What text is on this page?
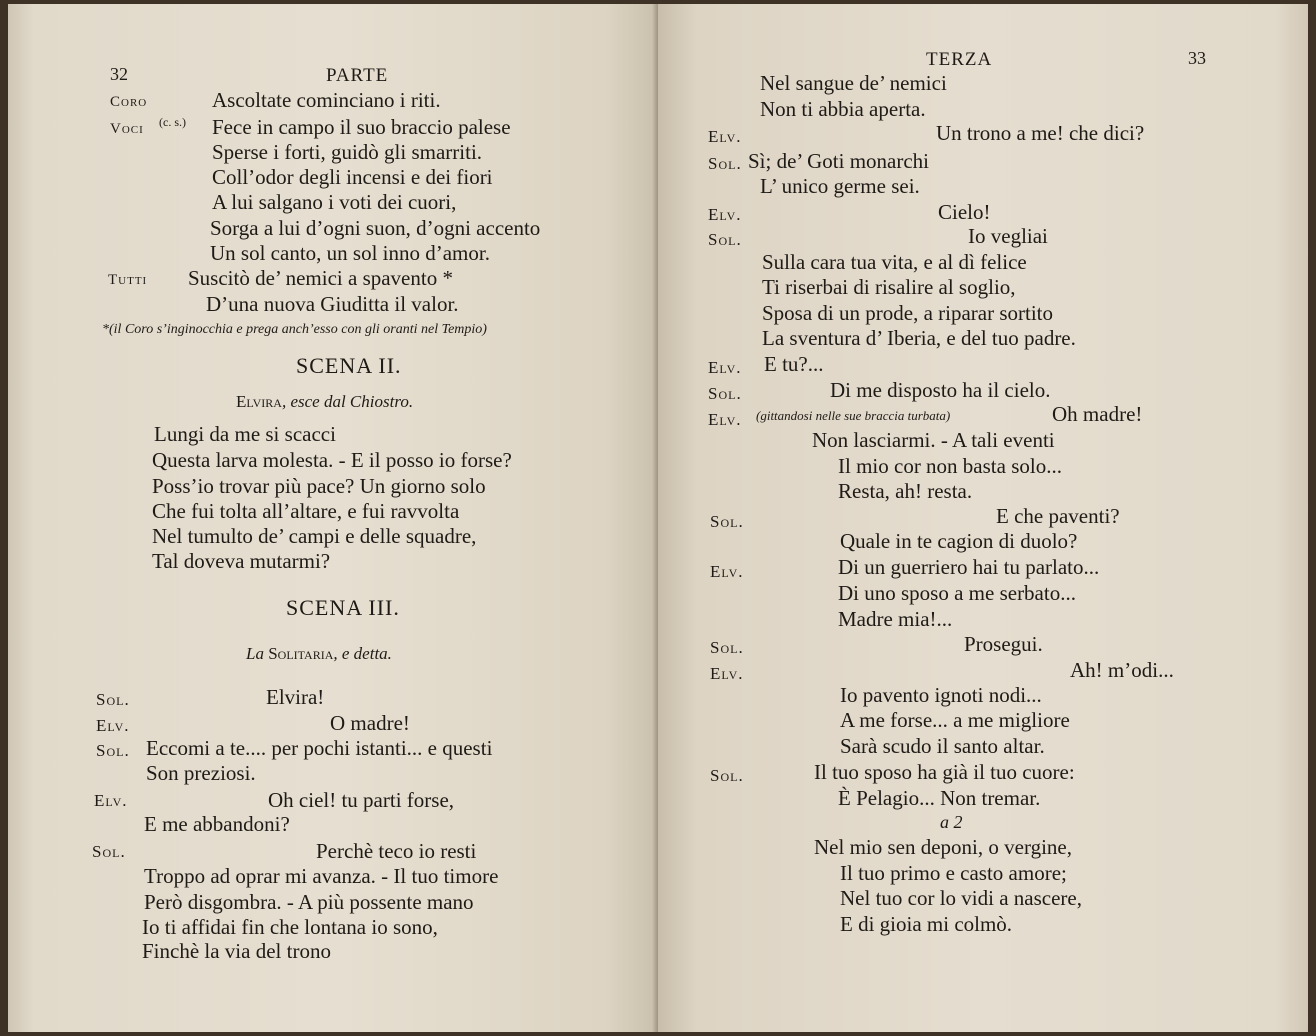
32	PARTE
Coro	Ascoltate cominciano i riti.
Voci (c. s.) Fece in campo il suo braccio palese
Sperse i forti, guidò gli smarriti.
Coll’odor degli incensi e dei fiori
A lui salgano i voti dei cuori,
Sorga a lui d’ogni suon, d’ogni accento
Un sol canto, un sol inno d’amor.
Tutti Suscitò de’ nemici a spavento *
D’una nuova Giuditta il valor.
*(il Coro s’inginocchia e prega anch’esso con gli oranti nel Tempio)
SCENA II.
Elvira, esce dal Chiostro.
Lungi da me si scacci
Questa larva molesta. - E il posso io forse?
Poss’io trovar più pace? Un giorno solo
Che fui tolta all’altare, e fui ravvolta
Nel tumulto de’ campi e delle squadre,
Tal doveva mutarmi?
SCENA III.
La Solitaria, e detta.
Sol.	Elvira!
Elv.	O madre!
Sol. Eccomi a te.... per pochi istanti... e questi
Son preziosi.
Elv.	Oh ciel! tu parti forse,
E me abbandoni?
Sol.	Perchè teco io resti
Troppo ad oprar mi avanza. - Il tuo timore
Però disgombra. - A più possente mano
Io ti affidai fin che lontana io sono,
Finchè la via del trono
TERZA	33
Nel sangue de’ nemici
Non ti abbia aperta.
Elv.	Un trono a me! che dici?
Sol. Sì; de’ Goti monarchi
L’ unico germe sei.
Elv.	Cielo!
Sol.	Io vegliai
Sulla cara tua vita, e al dì felice
Ti riserbai di risalire al soglio,
Sposa di un prode, a riparar sortito
La sventura d’ Iberia, e del tuo padre.
Elv. E tu?...
Sol.	Di me disposto ha il cielo.
Elv. (gittandosi nelle sue braccia turbata)	Oh madre!
Non lasciarmi. - A tali eventi
Il mio cor non basta solo...
Resta, ah! resta.
Sol.	E che paventi?
Quale in te cagion di duolo?
Elv.	Di un guerriero hai tu parlato...
Di uno sposo a me serbato...
Madre mia!...
Sol.	Prosegui.
Elv.	Ah! m’odi...
Io pavento ignoti nodi...
A me forse... a me migliore
Sarà scudo il santo altar.
Sol.	Il tuo sposo ha già il tuo cuore:
È Pelagio... Non tremar.
a 2
Nel mio sen deponi, o vergine,
Il tuo primo e casto amore;
Nel tuo cor lo vidi a nascere,
E di gioia mi colmò.
